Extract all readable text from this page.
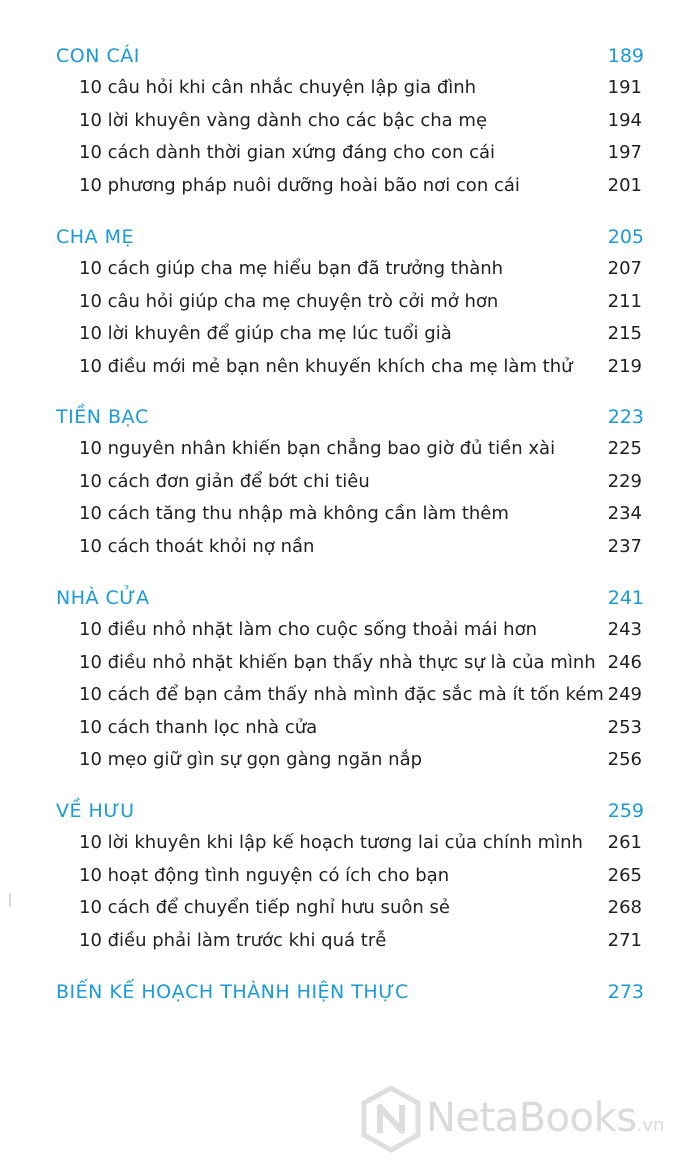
CON CÁI	189
10 câu hỏi khi cân nhắc chuyện lập gia đình	191
10 lời khuyên vàng dành cho các bậc cha mẹ	194
10 cách dành thời gian xứng đáng cho con cái	197
10 phương pháp nuôi dưỡng hoài bão nơi con cái	201
CHA MẸ	205
10 cách giúp cha mẹ hiểu bạn đã trưởng thành	207
10 câu hỏi giúp cha mẹ chuyện trò cởi mở hơn	211
10 lời khuyên để giúp cha mẹ lúc tuổi già	215
10 điều mới mẻ bạn nên khuyến khích cha mẹ làm thử 219
TIỀN BẠC	223
10 nguyên nhân khiến bạn chẳng bao giờ đủ tiền xài	225
10 cách đơn giản để bớt chi tiêu	229
10 cách tăng thu nhập mà không cần làm thêm	234
10 cách thoát khỏi nợ nần	237
NHÀ CỬA	241
10 điều nhỏ nhặt làm cho cuộc sống thoải mái hơn	243
10 điều nhỏ nhặt khiến bạn thấy nhà thực sự là của mình 246
10 cách để bạn cảm thấy nhà mình đặc sắc mà ít tốn kém 249
10 cách thanh lọc nhà cửa	253
10 mẹo giữ gìn sự gọn gàng ngăn nắp	256
VỀ HƯU	259
10 lời khuyên khi lập kế hoạch tương lai của chính mình 261
10 hoạt động tình nguyện có ích cho bạn	265
10 cách để chuyển tiếp nghỉ hưu suôn sẻ	268
10 điều phải làm trước khi quá trễ	271
BIẾN KẾ HOẠCH THÀNH HIỆN THỰC	273
NetaBooks.vn
